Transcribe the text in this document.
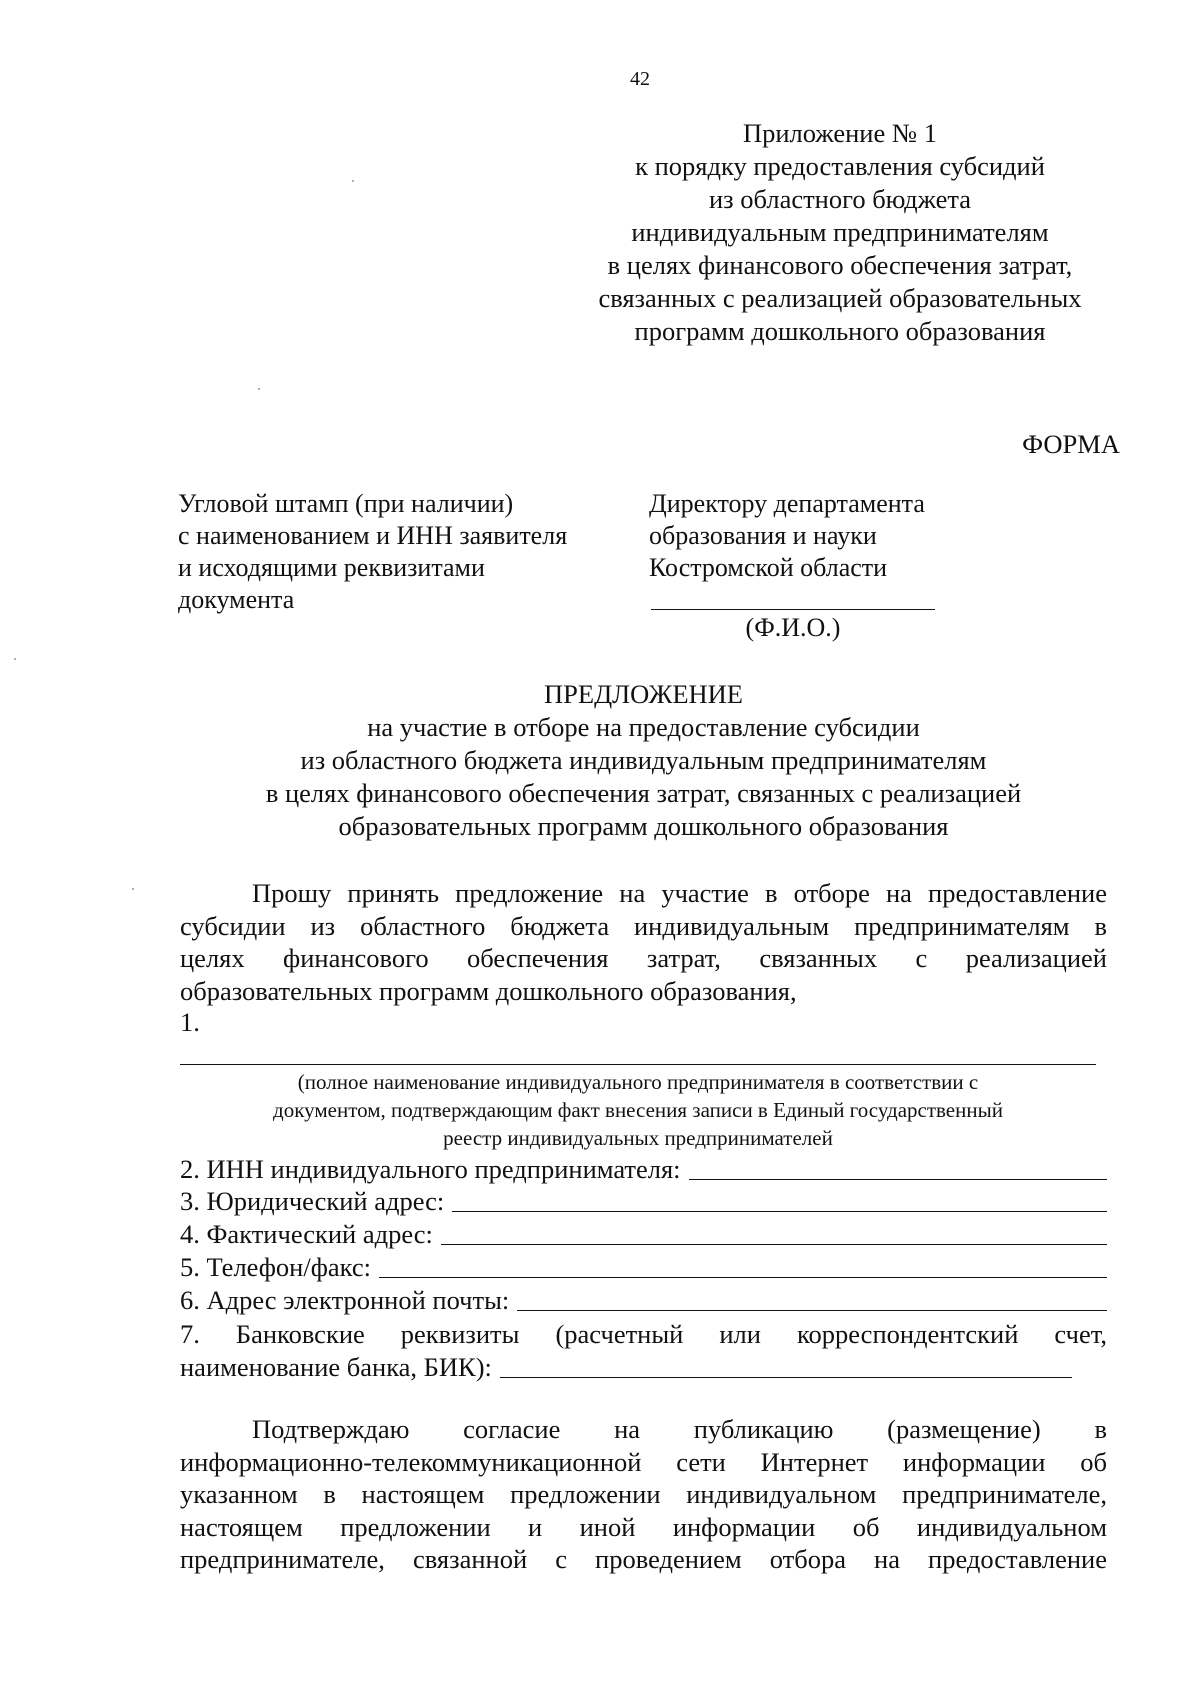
42
Приложение № 1
к порядку предоставления субсидий
из областного бюджета
индивидуальным предпринимателям
в целях финансового обеспечения затрат,
связанных с реализацией образовательных
программ дошкольного образования
ФОРМА
Угловой штамп (при наличии)
с наименованием и ИНН заявителя
и исходящими реквизитами
документа
Директору департамента
образования и науки
Костромской области
(Ф.И.О.)
ПРЕДЛОЖЕНИЕ
на участие в отборе на предоставление субсидии
из областного бюджета индивидуальным предпринимателям
в целях финансового обеспечения затрат, связанных с реализацией
образовательных программ дошкольного образования
Прошу принять предложение на участие в отборе на предоставление
субсидии из областного бюджета индивидуальным предпринимателям в
целях финансового обеспечения затрат, связанных с реализацией
образовательных программ дошкольного образования,
1.
(полное наименование индивидуального предпринимателя в соответствии с
документом, подтверждающим факт внесения записи в Единый государственный
реестр индивидуальных предпринимателей
2. ИНН индивидуального предпринимателя:
3. Юридический адрес:
4. Фактический адрес:
5. Телефон/факс:
6. Адрес электронной почты:
7. Банковские реквизиты (расчетный или корреспондентский счет,
наименование банка, БИК):
Подтверждаю согласие на публикацию (размещение) в
информационно-телекоммуникационной сети Интернет информации об
указанном в настоящем предложении индивидуальном предпринимателе,
настоящем предложении и иной информации об индивидуальном
предпринимателе, связанной с проведением отбора на предоставление
